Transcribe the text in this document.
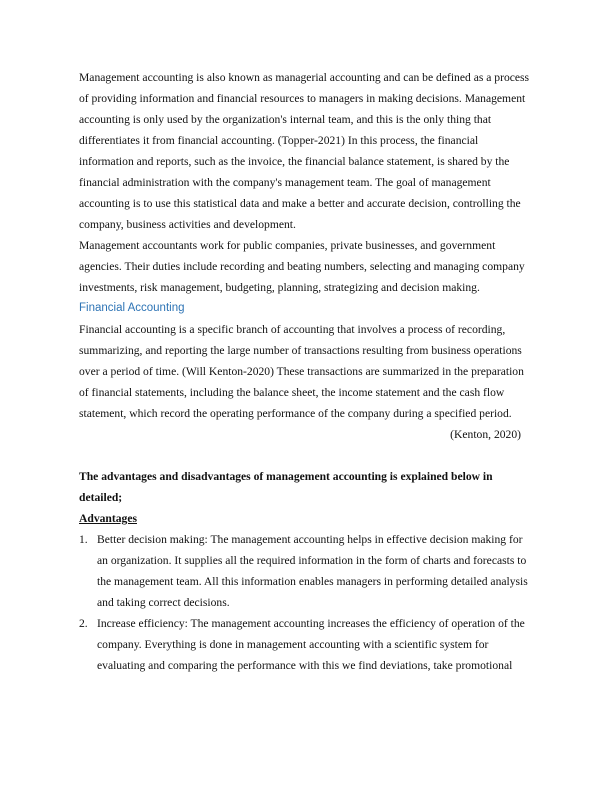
Management accounting is also known as managerial accounting and can be defined as a process of providing information and financial resources to managers in making decisions. Management accounting is only used by the organization's internal team, and this is the only thing that differentiates it from financial accounting. (Topper-2021) In this process, the financial information and reports, such as the invoice, the financial balance statement, is shared by the financial administration with the company's management team. The goal of management accounting is to use this statistical data and make a better and accurate decision, controlling the company, business activities and development.

Management accountants work for public companies, private businesses, and government agencies. Their duties include recording and beating numbers, selecting and managing company investments, risk management, budgeting, planning, strategizing and decision making.

Financial Accounting

Financial accounting is a specific branch of accounting that involves a process of recording, summarizing, and reporting the large number of transactions resulting from business operations over a period of time. (Will Kenton-2020) These transactions are summarized in the preparation of financial statements, including the balance sheet, the income statement and the cash flow statement, which record the operating performance of the company during a specified period.

(Kenton, 2020)

The advantages and disadvantages of management accounting is explained below in detailed;

Advantages

1. Better decision making: The management accounting helps in effective decision making for an organization. It supplies all the required information in the form of charts and forecasts to the management team. All this information enables managers in performing detailed analysis and taking correct decisions.
2. Increase efficiency: The management accounting increases the efficiency of operation of the company. Everything is done in management accounting with a scientific system for evaluating and comparing the performance with this we find deviations, take promotional
